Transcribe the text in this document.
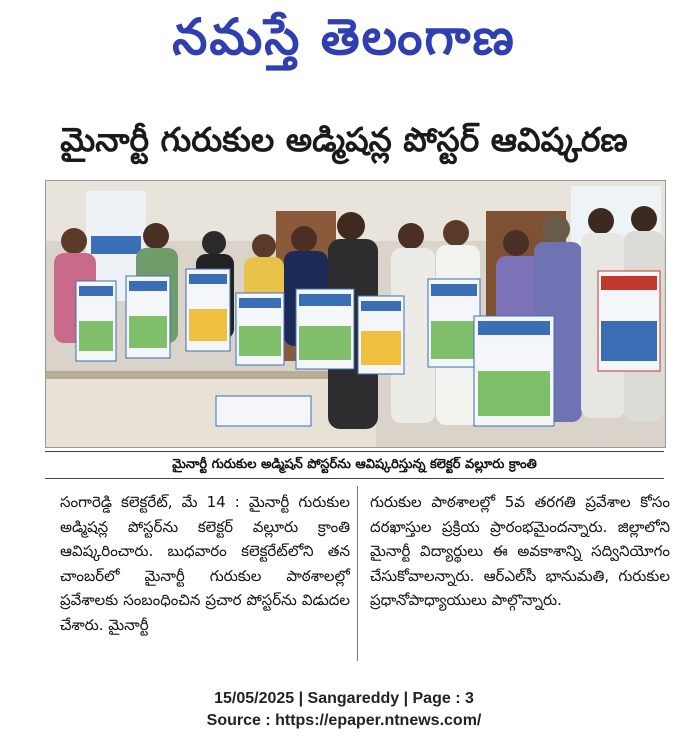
నమస్తే తెలంగాణ
మైనార్టీ గురుకుల అడ్మిషన్ల పోస్టర్ ఆవిష్కరణ
మైనార్టీ గురుకుల అడ్మిషన్ పోస్టర్‌ను ఆవిష్కరిస్తున్న కలెక్టర్ వల్లూరు క్రాంతి
సంగారెడ్డి కలెక్టరేట్, మే 14 : మైనార్టీ గురుకుల అడ్మిషన్ల పోస్టర్‌ను కలెక్టర్ వల్లూరు క్రాంతి ఆవిష్కరించారు. బుధవారం కలెక్టరేట్‌లోని తన చాంబర్‌లో మైనార్టీ గురుకుల పాఠశాలల్లో ప్రవేశాలకు సంబంధించిన ప్రచార పోస్టర్‌ను విడుదల చేశారు. మైనార్టీ
గురుకుల పాఠశాలల్లో 5వ తరగతి ప్రవేశాల కోసం దరఖాస్తుల ప్రక్రియ ప్రారంభమైందన్నారు. జిల్లాలోని మైనార్టీ విద్యార్థులు ఈ అవకాశాన్ని సద్వినియోగం చేసుకోవాలన్నారు. ఆర్‌ఎల్‌సీ భానుమతి, గురుకుల ప్రధానోపాధ్యాయులు పాల్గొన్నారు.
15/05/2025 | Sangareddy | Page : 3
Source : https://epaper.ntnews.com/
